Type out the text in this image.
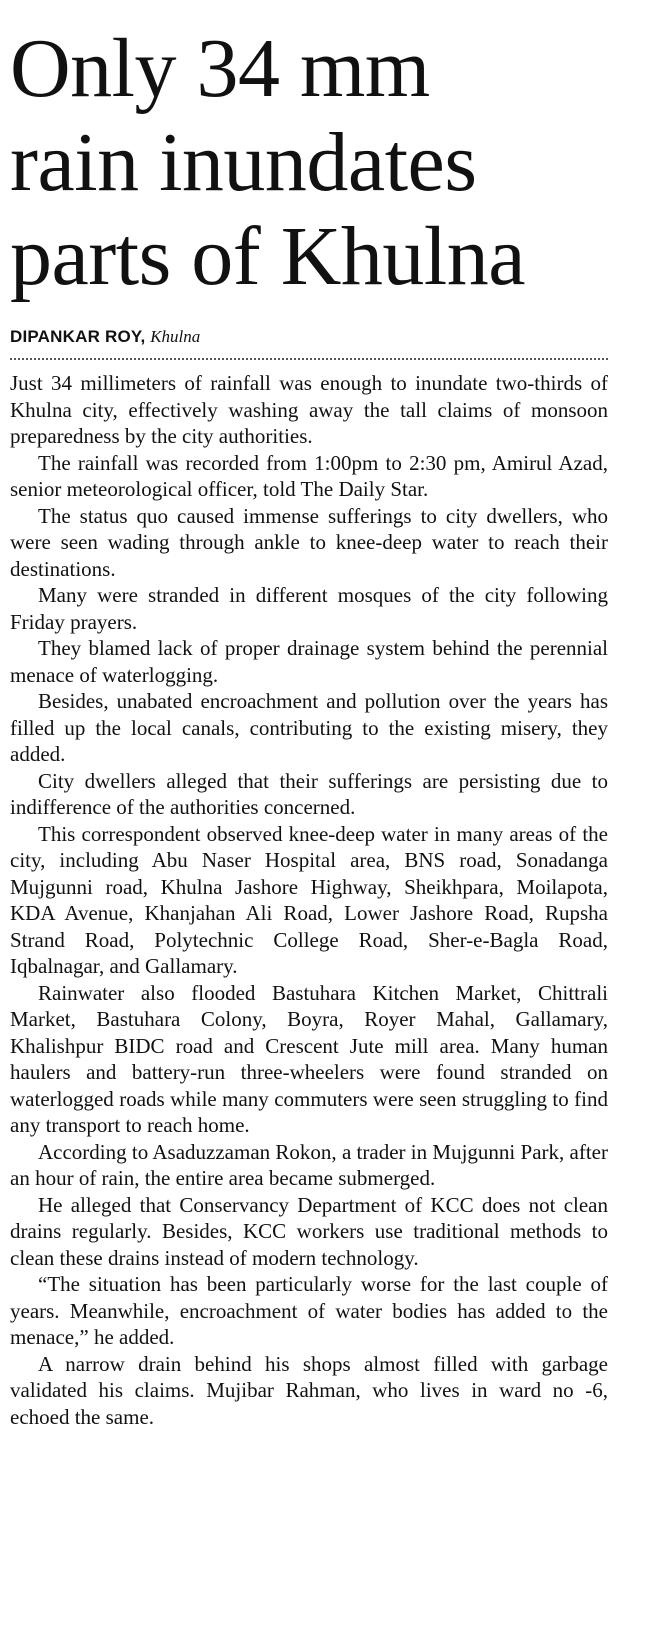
Only 34 mm
rain inundates
parts of Khulna
DIPANKAR ROY, Khulna

Just 34 millimeters of rainfall was enough to inundate two-thirds of Khulna city, effectively washing away the tall claims of monsoon preparedness by the city authorities.

The rainfall was recorded from 1:00pm to 2:30 pm, Amirul Azad, senior meteorological officer, told The Daily Star.

The status quo caused immense sufferings to city dwellers, who were seen wading through ankle to knee-deep water to reach their destinations.

Many were stranded in different mosques of the city following Friday prayers.

They blamed lack of proper drainage system behind the perennial menace of waterlogging.

Besides, unabated encroachment and pollution over the years has filled up the local canals, contributing to the existing misery, they added.

City dwellers alleged that their sufferings are persisting due to indifference of the authorities concerned.

This correspondent observed knee-deep water in many areas of the city, including Abu Naser Hospital area, BNS road, Sonadanga Mujgunni road, Khulna Jashore Highway, Sheikhpara, Moilapota, KDA Avenue, Khanjahan Ali Road, Lower Jashore Road, Rupsha Strand Road, Polytechnic College Road, Sher-e-Bagla Road, Iqbalnagar, and Gallamary.

Rainwater also flooded Bastuhara Kitchen Market, Chittrali Market, Bastuhara Colony, Boyra, Royer Mahal, Gallamary, Khalishpur BIDC road and Crescent Jute mill area. Many human haulers and battery-run three-wheelers were found stranded on waterlogged roads while many commuters were seen struggling to find any transport to reach home.

According to Asaduzzaman Rokon, a trader in Mujgunni Park, after an hour of rain, the entire area became submerged.

He alleged that Conservancy Department of KCC does not clean drains regularly. Besides, KCC workers use traditional methods to clean these drains instead of modern technology.

“The situation has been particularly worse for the last couple of years. Meanwhile, encroachment of water bodies has added to the menace,” he added.

A narrow drain behind his shops almost filled with garbage validated his claims. Mujibar Rahman, who lives in ward no -6, echoed the same.
